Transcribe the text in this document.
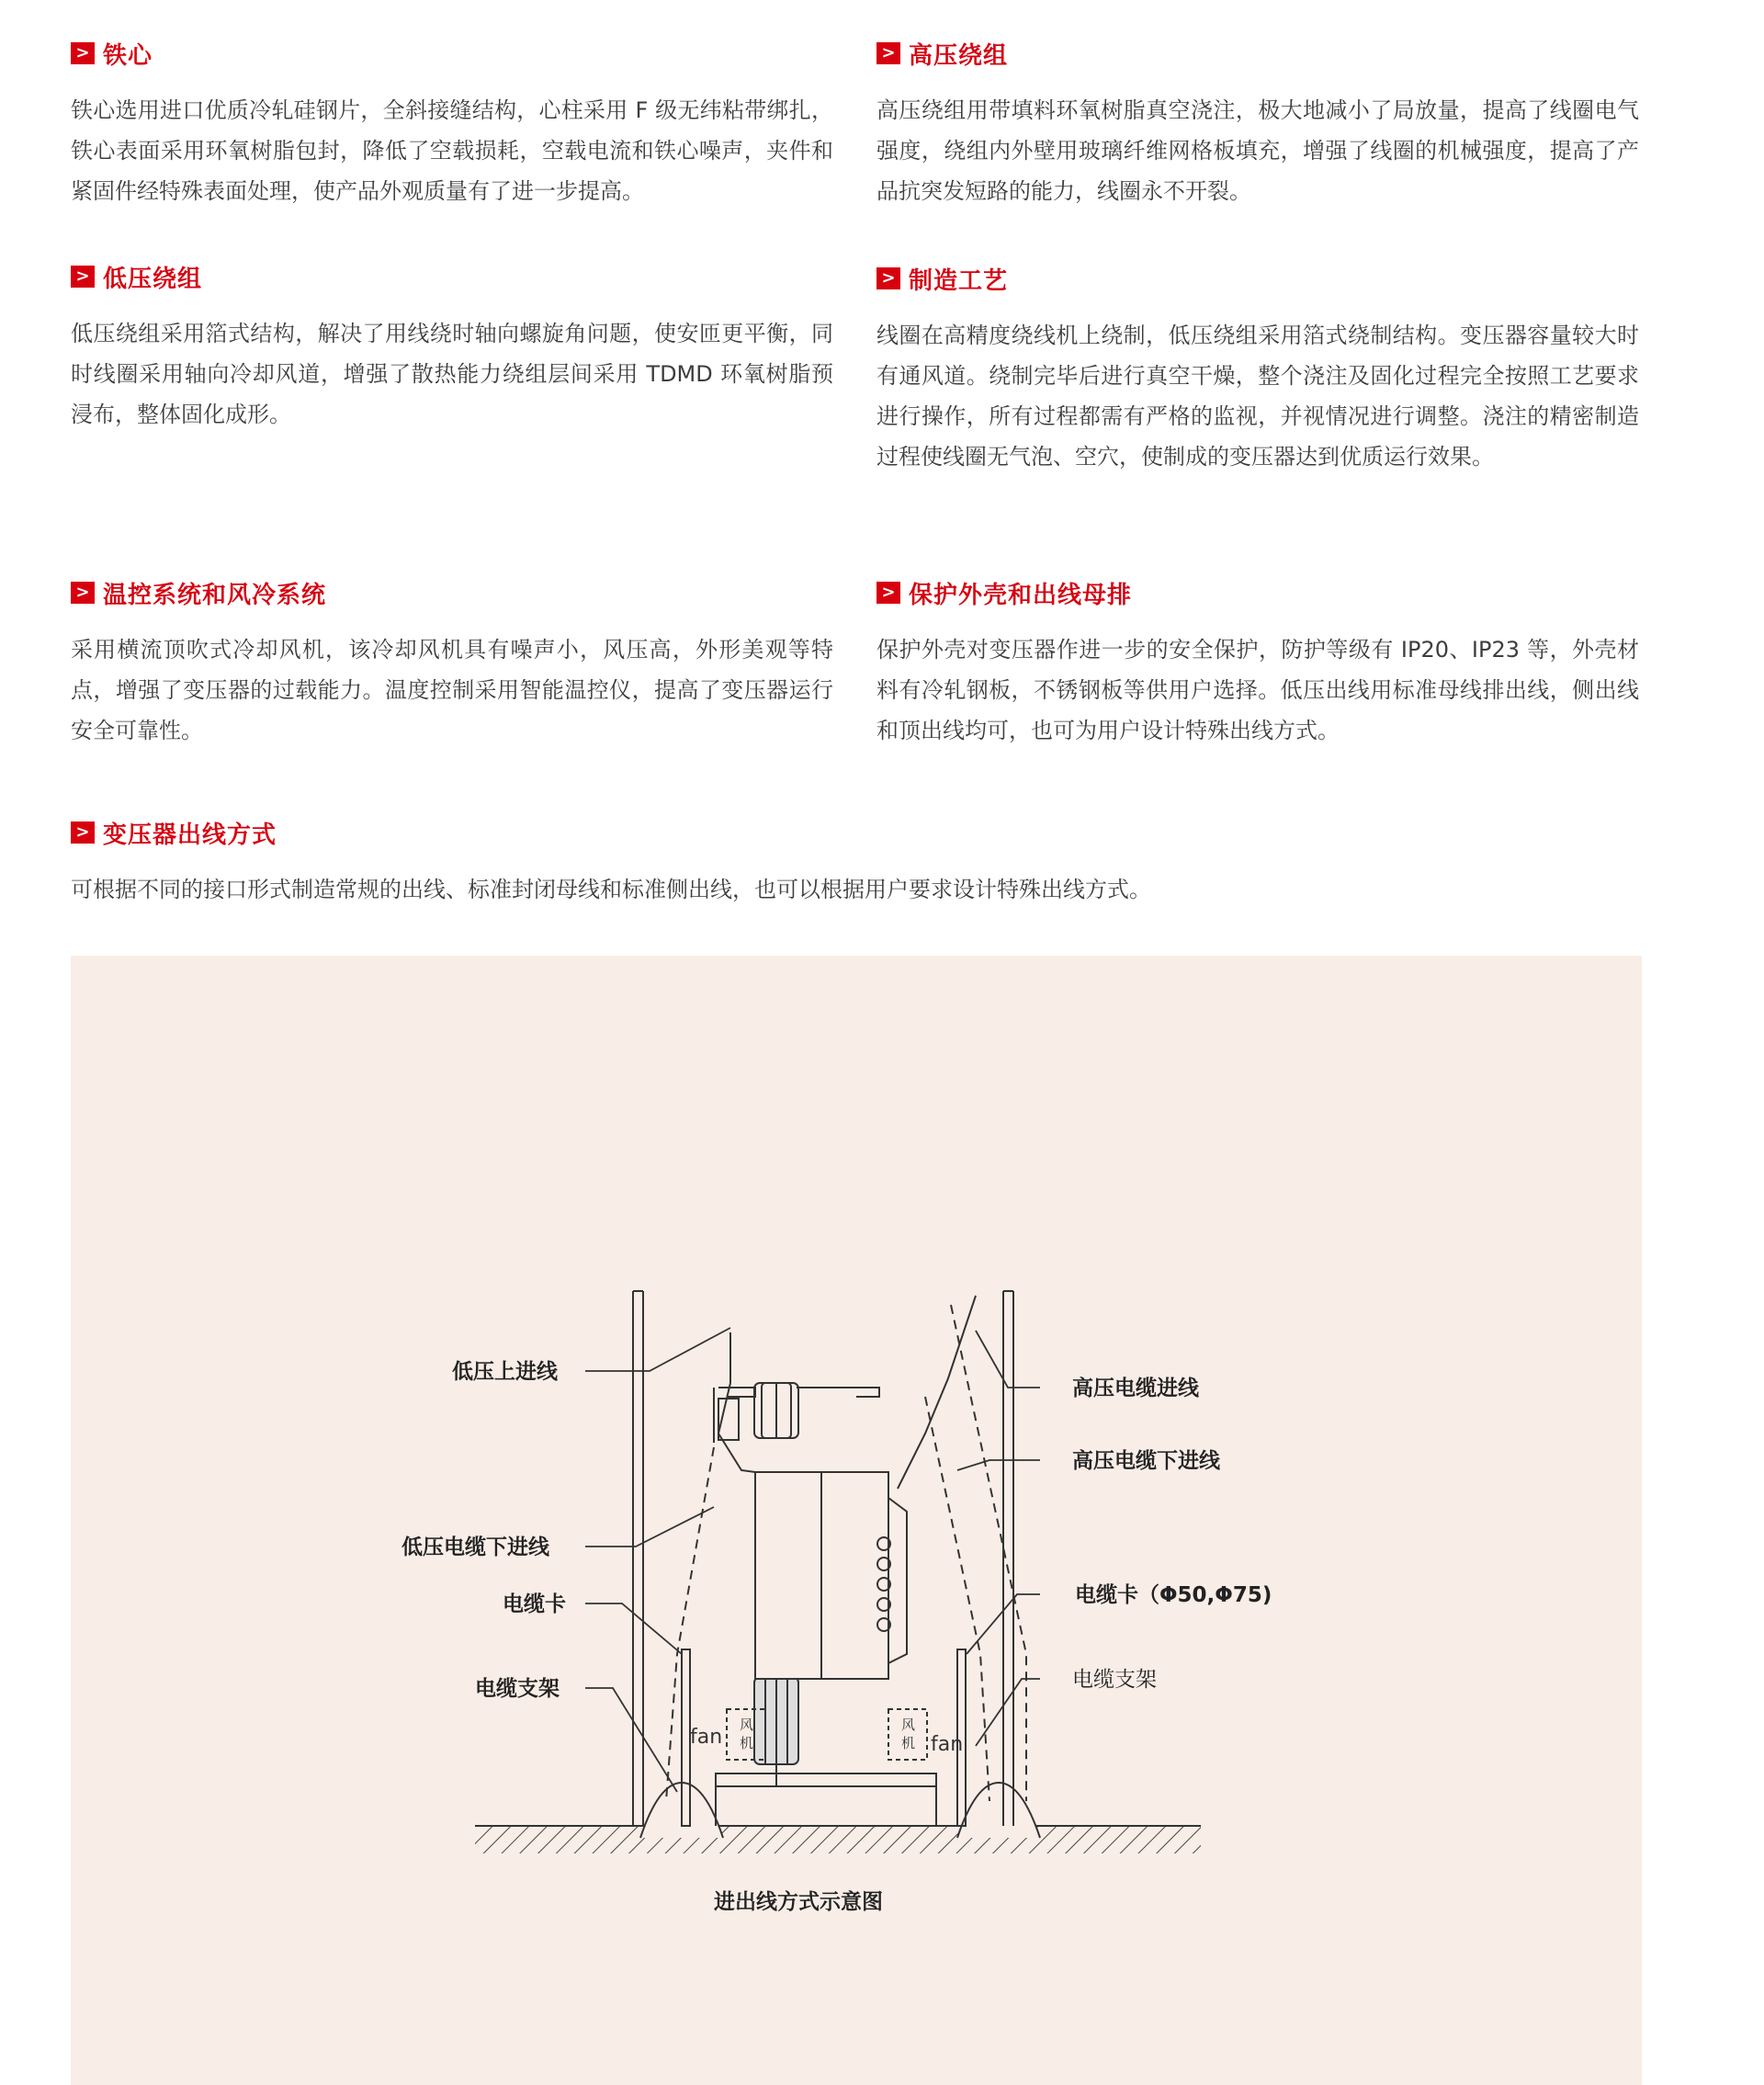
> 铁心
铁心选用进口优质冷轧硅钢片，全斜接缝结构，心柱采用 F 级无纬粘带绑扎，铁心表面采用环氧树脂包封，降低了空载损耗，空载电流和铁心噪声，夹件和紧固件经特殊表面处理，使产品外观质量有了进一步提高。
> 高压绕组
高压绕组用带填料环氧树脂真空浇注，极大地减小了局放量，提高了线圈电气强度，绕组内外壁用玻璃纤维网格板填充，增强了线圈的机械强度，提高了产品抗突发短路的能力，线圈永不开裂。
> 低压绕组
低压绕组采用箔式结构，解决了用线绕时轴向螺旋角问题，使安匝更平衡，同时线圈采用轴向冷却风道，增强了散热能力绕组层间采用 TDMD 环氧树脂预浸布，整体固化成形。
> 制造工艺
线圈在高精度绕线机上绕制，低压绕组采用箔式绕制结构。变压器容量较大时有通风道。绕制完毕后进行真空干燥，整个浇注及固化过程完全按照工艺要求进行操作，所有过程都需有严格的监视，并视情况进行调整。浇注的精密制造过程使线圈无气泡、空穴，使制成的变压器达到优质运行效果。
> 温控系统和风冷系统
采用横流顶吹式冷却风机，该冷却风机具有噪声小，风压高，外形美观等特点，增强了变压器的过载能力。温度控制采用智能温控仪，提高了变压器运行安全可靠性。
> 保护外壳和出线母排
保护外壳对变压器作进一步的安全保护，防护等级有 IP20、IP23 等，外壳材料有冷轧钢板，不锈钢板等供用户选择。低压出线用标准母线排出线，侧出线和顶出线均可，也可为用户设计特殊出线方式。
> 变压器出线方式
可根据不同的接口形式制造常规的出线、标准封闭母线和标准侧出线，也可以根据用户要求设计特殊出线方式。
风
机
fan
风
机 fan
低压上进线
低压电缆下进线
电缆卡
电缆支架
高压电缆进线
高压电缆下进线
电缆卡（Φ50,Φ75)
电缆支架
进出线方式示意图
